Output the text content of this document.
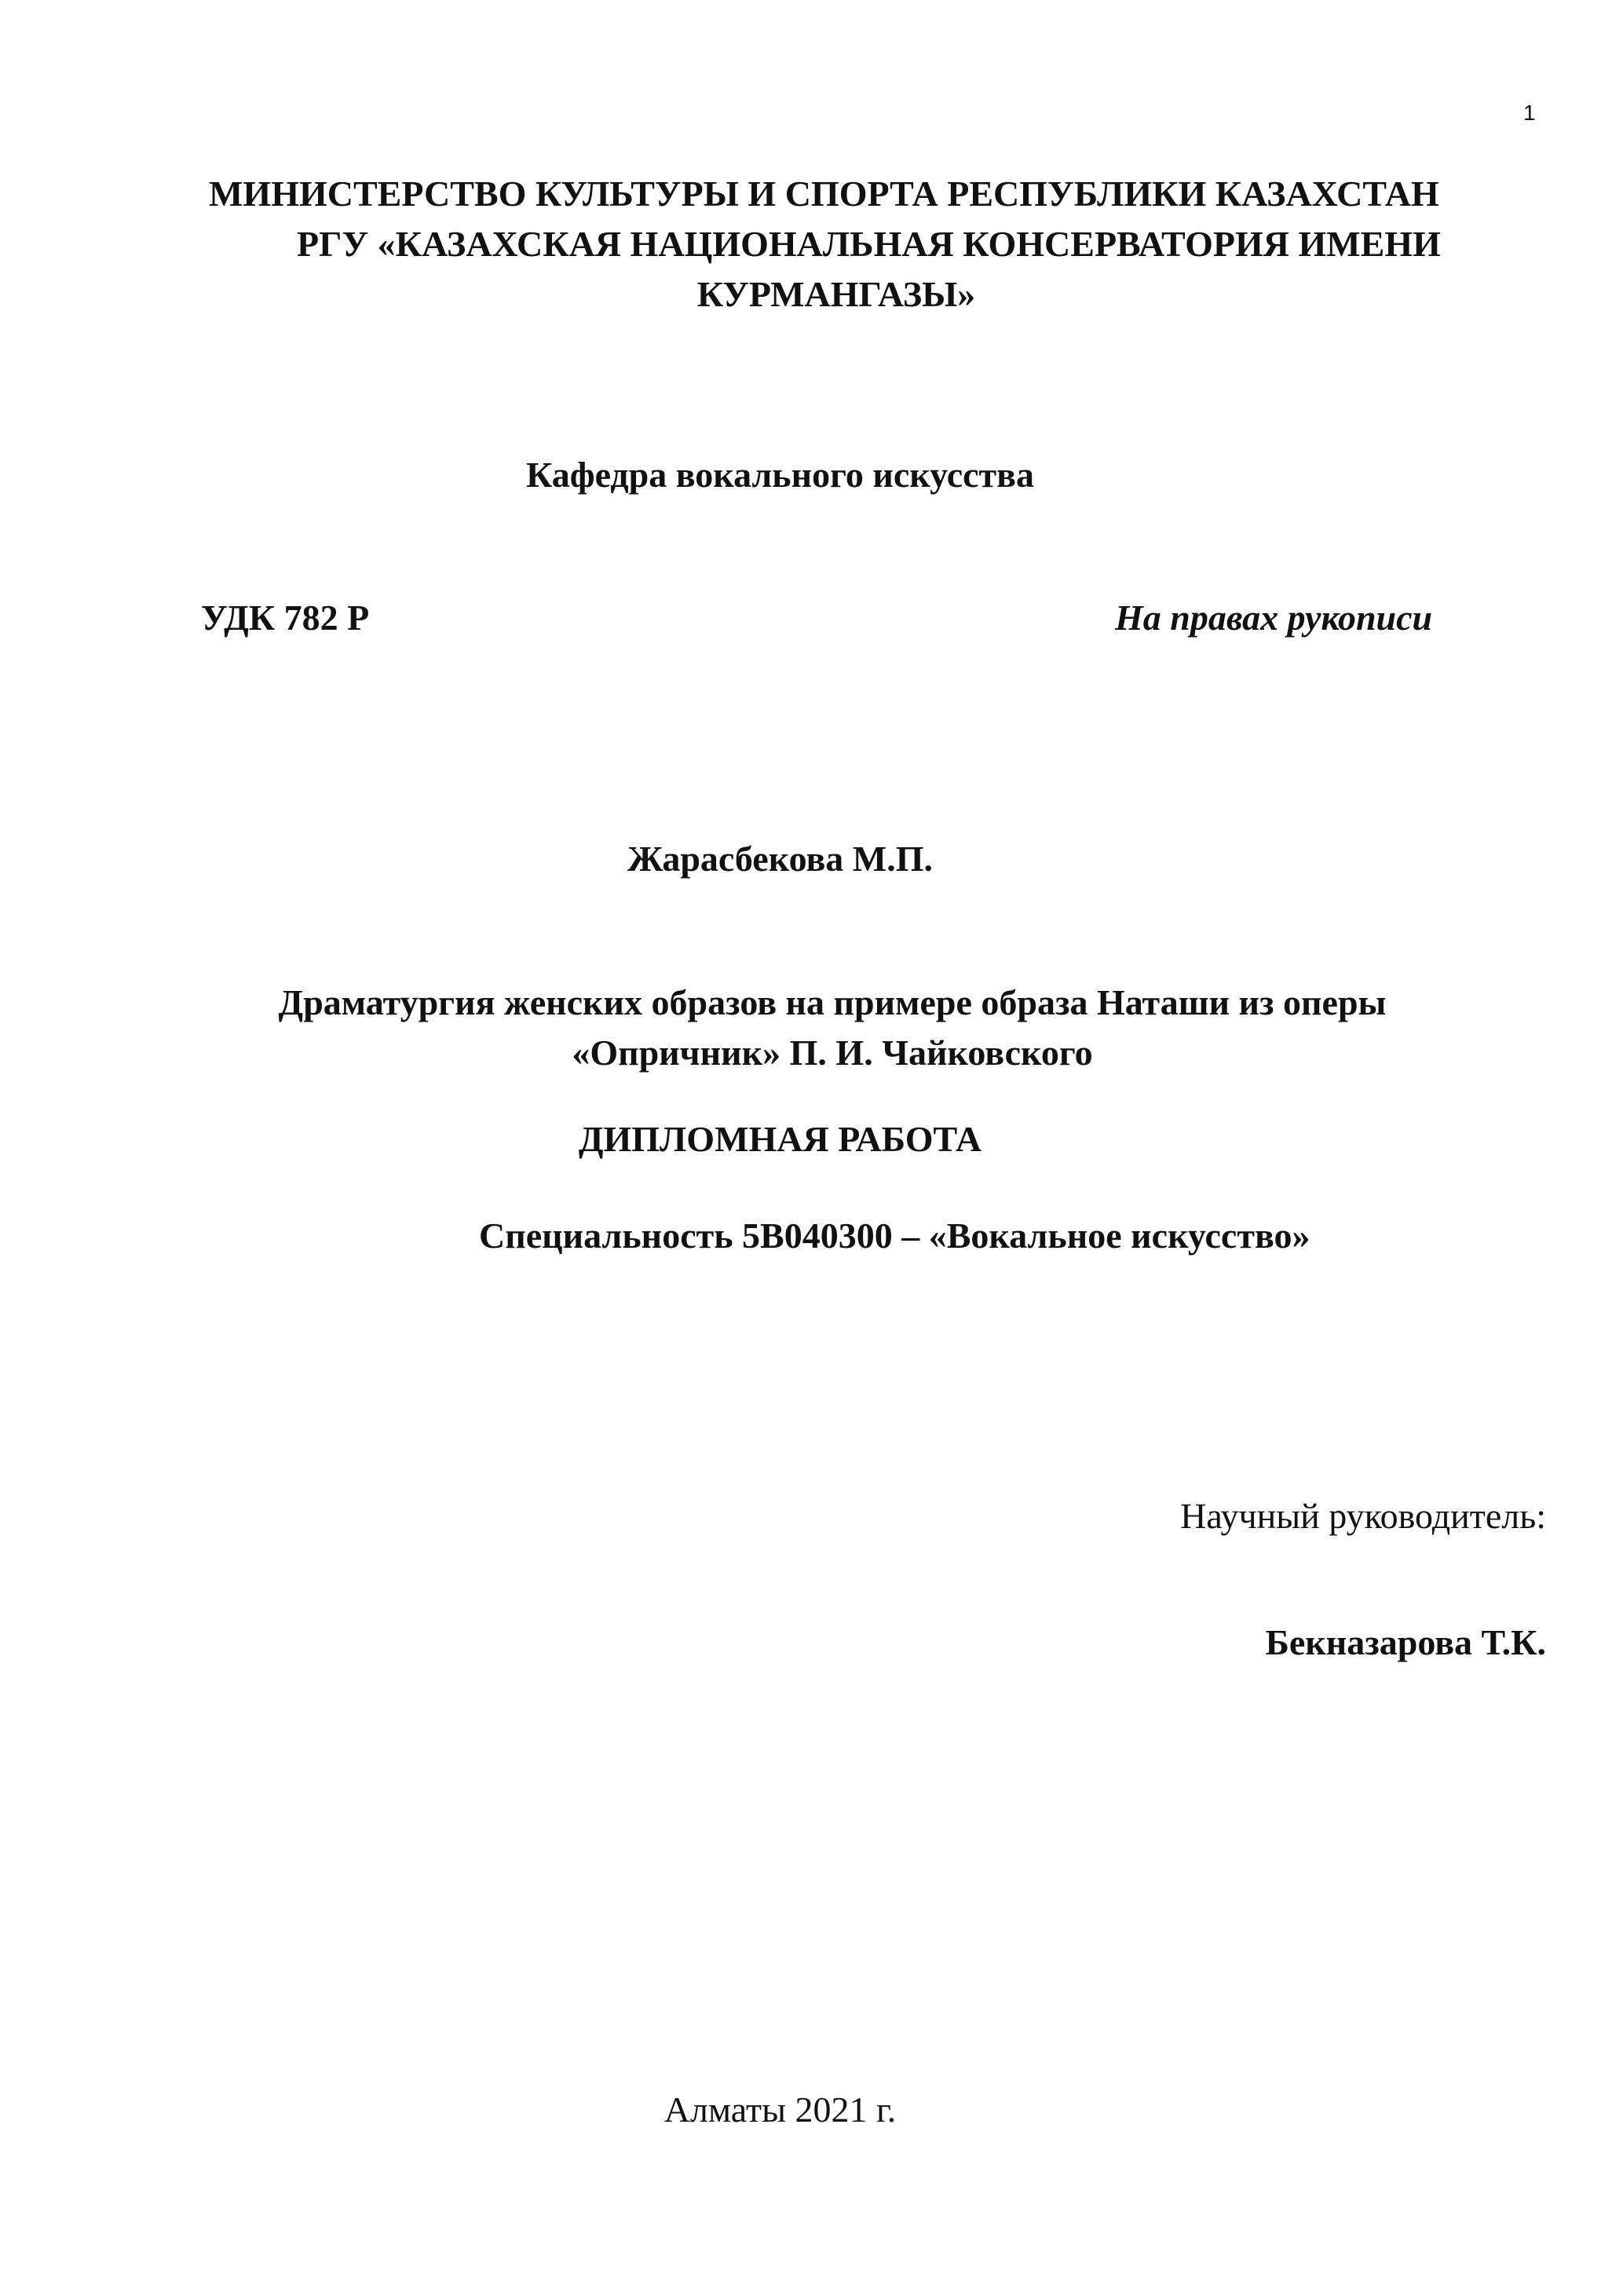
1
МИНИСТЕРСТВО КУЛЬТУРЫ И СПОРТА РЕСПУБЛИКИ КАЗАХСТАН
РГУ «КАЗАХСКАЯ НАЦИОНАЛЬНАЯ КОНСЕРВАТОРИЯ ИМЕНИ
КУРМАНГАЗЫ»
Кафедра вокального искусства
УДК 782 Р	На правах рукописи
Жарасбекова М.П.
Драматургия женских образов на примере образа Наташи из оперы
«Опричник» П. И. Чайковского
ДИПЛОМНАЯ РАБОТА
Специальность 5В040300 – «Вокальное искусство»
Научный руководитель:
Бекназарова Т.К.
Алматы 2021 г.
